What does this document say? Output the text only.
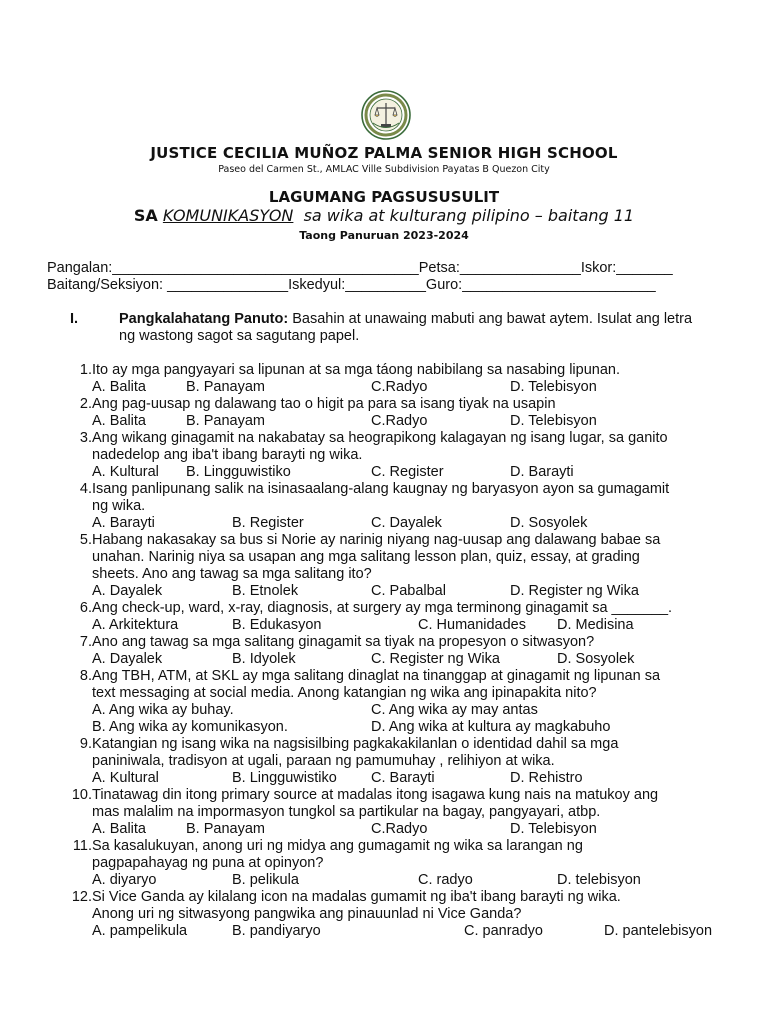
JUSTICE CECILIA MUÑOZ PALMA SENIOR HIGH SCHOOL
Paseo del Carmen St., AMLAC Ville Subdivision Payatas B Quezon City
LAGUMANG PAGSUSUSULIT
SA KOMUNIKASYON sa wika at kulturang pilipino – baitang 11
Taong Panuruan 2023-2024
Pangalan:______________________________________Petsa:_______________Iskor:_______
Baitang/Seksiyon: _______________Iskedyul:__________Guro:________________________
I.	Pangkalahatang Panuto: Basahin at unawaing mabuti ang bawat aytem. Isulat ang letra ng wastong sagot sa sagutang papel.
1. Ito ay mga pangyayari sa lipunan at sa mga táong nabibilang sa nasabing lipunan.
A. Balita	B. Panayam	C.Radyo	D. Telebisyon
2. Ang pag-uusap ng dalawang tao o higit pa para sa isang tiyak na usapin
A. Balita	B. Panayam	C.Radyo	D. Telebisyon
3. Ang wikang ginagamit na nakabatay sa heograpikong kalagayan ng isang lugar, sa ganito
nadedelop ang iba't ibang barayti ng wika.
A. Kultural B. Lingguwistiko	C. Register	D. Barayti
4. Isang panlipunang salik na isinasaalang-alang kaugnay ng baryasyon ayon sa gumagamit
ng wika.
A. Barayti	B. Register	C. Dayalek	D. Sosyolek
5. Habang nakasakay sa bus si Norie ay narinig niyang nag-uusap ang dalawang babae sa
unahan. Narinig niya sa usapan ang mga salitang lesson plan, quiz, essay, at grading
sheets. Ano ang tawag sa mga salitang ito?
A. Dayalek	B. Etnolek	C. Pabalbal	D. Register ng Wika
6. Ang check-up, ward, x-ray, diagnosis, at surgery ay mga terminong ginagamit sa _______.
A. Arkitektura	B. Edukasyon	C. Humanidades D. Medisina
7. Ano ang tawag sa mga salitang ginagamit sa tiyak na propesyon o sitwasyon?
A. Dayalek	B. Idyolek	C. Register ng Wika	D. Sosyolek
8. Ang TBH, ATM, at SKL ay mga salitang dinaglat na tinanggap at ginagamit ng lipunan sa
text messaging at social media. Anong katangian ng wika ang ipinapakita nito?
A. Ang wika ay buhay.	C. Ang wika ay may antas
B. Ang wika ay komunikasyon.	D. Ang wika at kultura ay magkabuho
9. Katangian ng isang wika na nagsisilbing pagkakakilanlan o identidad dahil sa mga
paniniwala, tradisyon at ugali, paraan ng pamumuhay , relihiyon at wika.
A. Kultural	B. Lingguwistiko C. Barayti	D. Rehistro
10. Tinatawag din itong primary source at madalas itong isagawa kung nais na matukoy ang
mas malalim na impormasyon tungkol sa partikular na bagay, pangyayari, atbp.
A. Balita	B. Panayam	C.Radyo	D. Telebisyon
11. Sa kasalukuyan, anong uri ng midya ang gumagamit ng wika sa larangan ng
pagpapahayag ng puna at opinyon?
A. diyaryo	B. pelikula	C. radyo	D. telebisyon
12. Si Vice Ganda ay kilalang icon na madalas gumamit ng iba't ibang barayti ng wika.
Anong uri ng sitwasyong pangwika ang pinauunlad ni Vice Ganda?
A. pampelikula	B. pandiyaryo	C. panradyo	D. pantelebisyon
